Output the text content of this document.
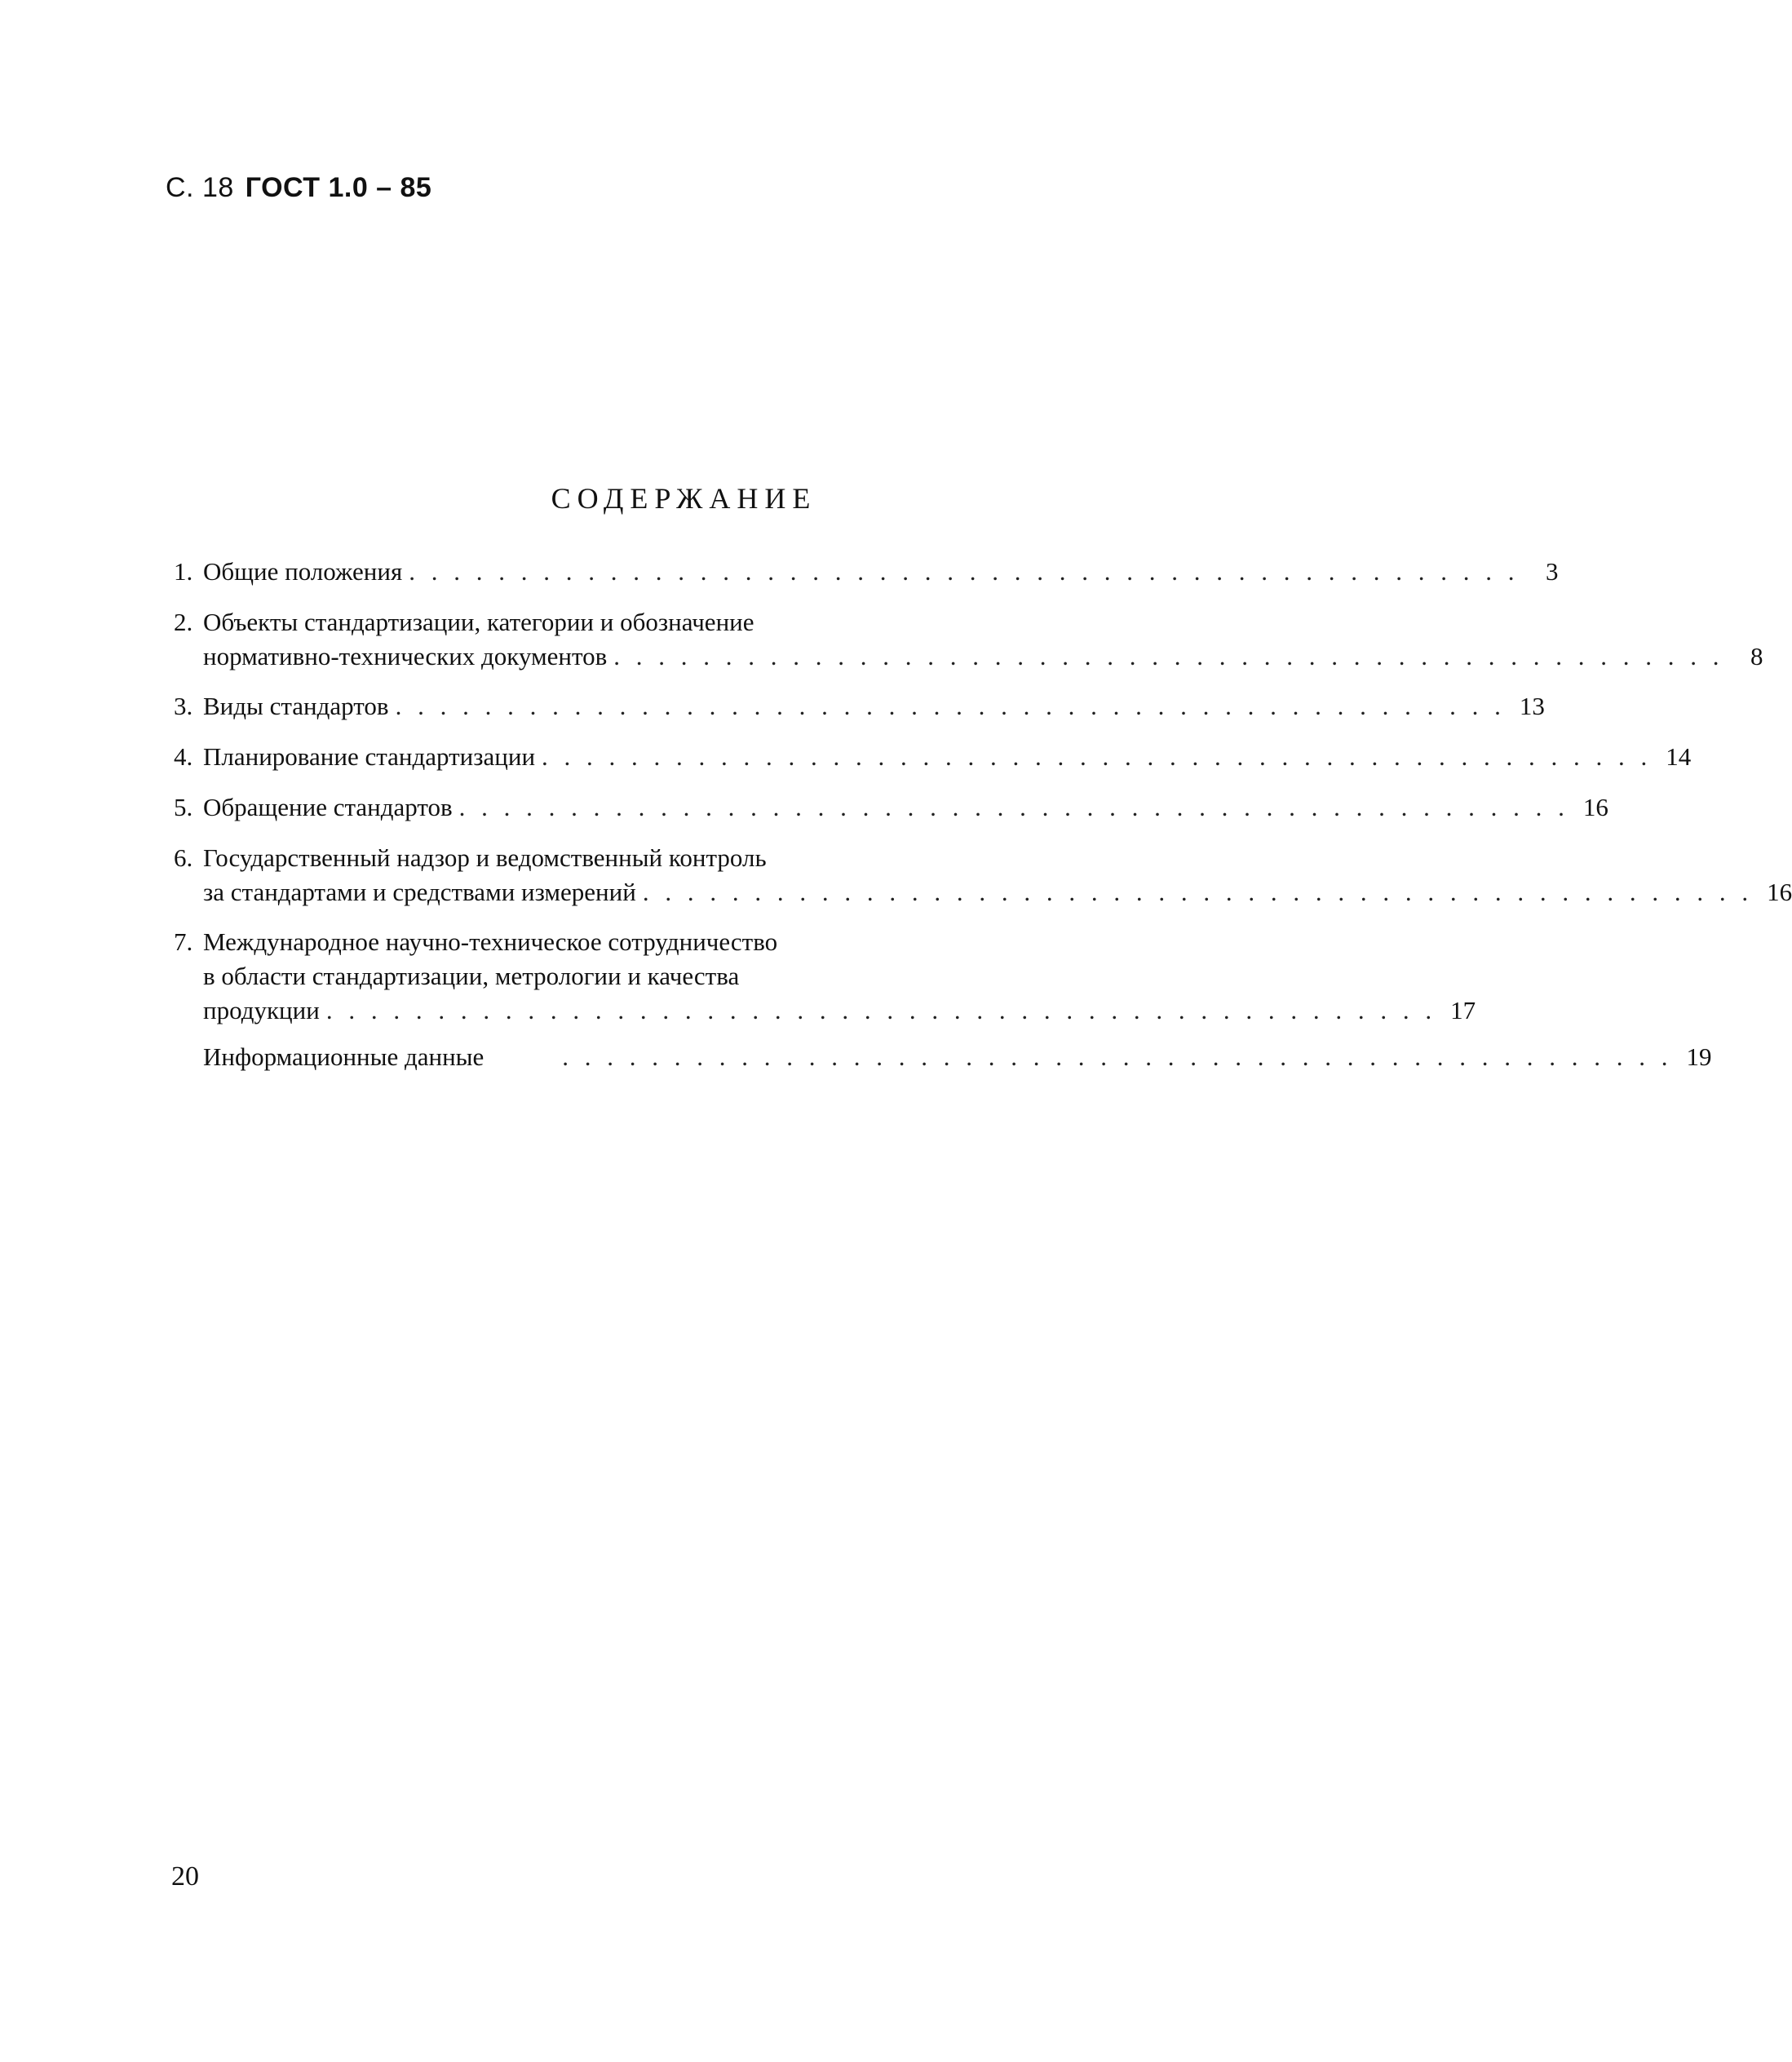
С. 18 ГОСТ 1.0 – 85
СОДЕРЖАНИЕ
1. Общие положения . . . . . . . . . . . . . . . . . . . . . . . . . . . . . . . . . . . . . . . . . . . . . . . . . .	3
2. Объекты стандартизации, категории и обозначение
нормативно-технических документов . . . . . . . . . . . . . . . . . . . . . . . . . . . . . . . . . . . . . . . . . . . . . . . . . .	8
3. Виды стандартов . . . . . . . . . . . . . . . . . . . . . . . . . . . . . . . . . . . . . . . . . . . . . . . . . . 13
4. Планирование стандартизации . . . . . . . . . . . . . . . . . . . . . . . . . . . . . . . . . . . . . . . . . . . . . . . . . . 14
5. Обращение стандартов . . . . . . . . . . . . . . . . . . . . . . . . . . . . . . . . . . . . . . . . . . . . . . . . . . 16
6. Государственный надзор и ведомственный контроль
за стандартами и средствами измерений . . . . . . . . . . . . . . . . . . . . . . . . . . . . . . . . . . . . . . . . . . . . . . . . . . 16
7. Международное научно-техническое сотрудничество
в области стандартизации, метрологии и качества
продукции . . . . . . . . . . . . . . . . . . . . . . . . . . . . . . . . . . . . . . . . . . . . . . . . . . 17
Информационные данные	. . . . . . . . . . . . . . . . . . . . . . . . . . . . . . . . . . . . . . . . . . . . . . . . . . 19
20
